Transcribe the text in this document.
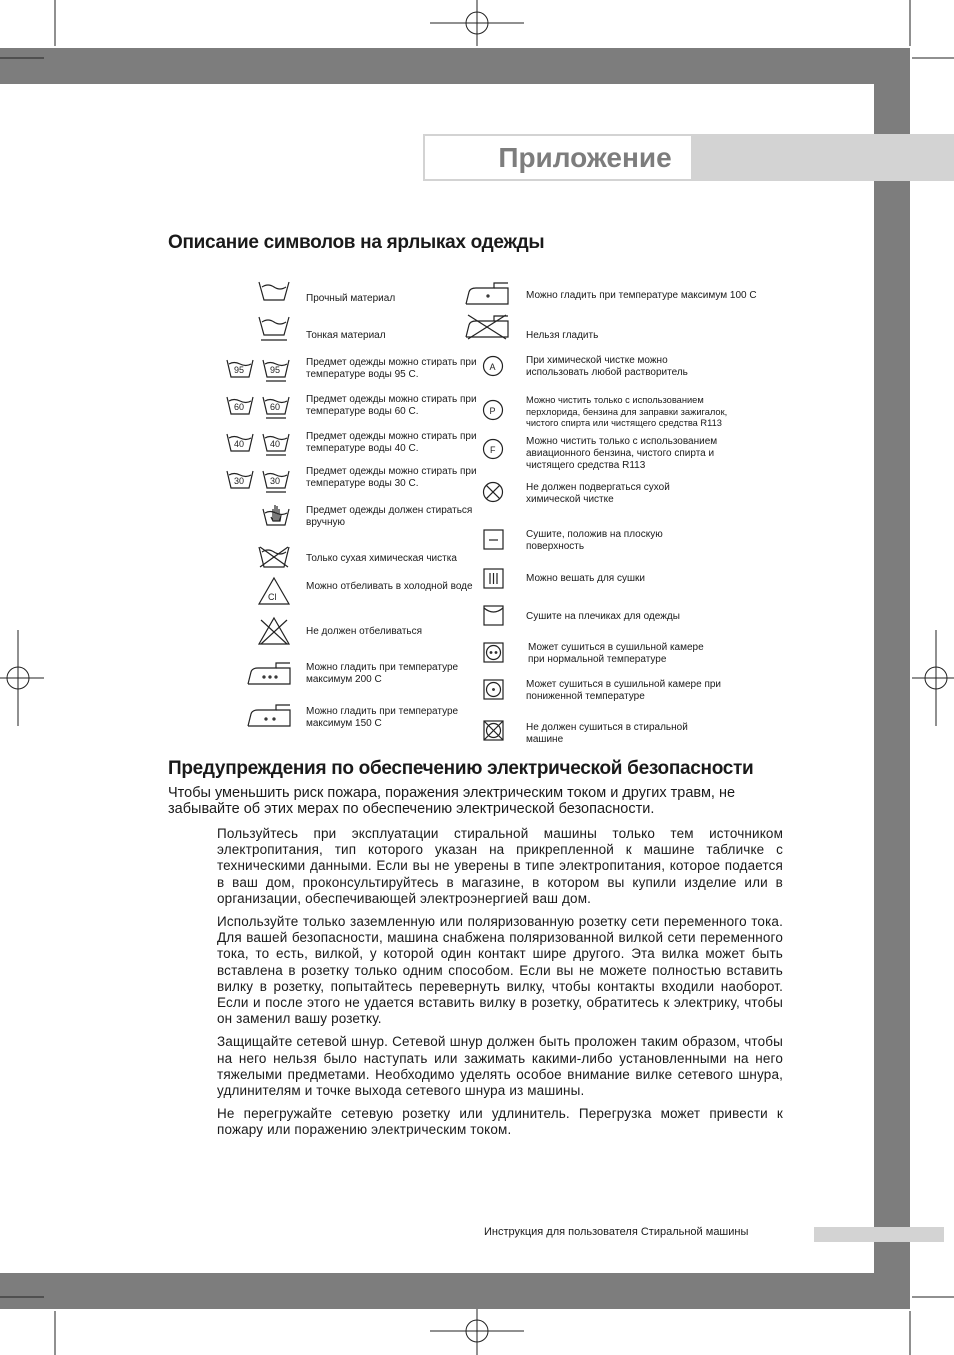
Приложение
Описание символов на ярлыках одежды
Прочный материал
Тонкая материал
95	95
Предмет одежды можно стирать при температуре воды 95 С.
60	60
Предмет одежды можно стирать при температуре воды 60 С.
40	40
Предмет одежды можно стирать при температуре воды 40 С.
30	30
Предмет одежды можно стирать при температуре воды 30 С.
Предмет одежды должен стираться вручную
Только сухая химическая чистка
Cl
Можно отбеливать в холодной воде
Не должен отбеливаться
Можно гладить при температуре максимум 200 С
Можно гладить при температуре максимум 150 С
Можно гладить при температуре максимум 100 С
Нельзя гладить
A
При химической чистке можно использовать любой растворитель
P
Можно чистить только с использованием перхлорида, бензина для заправки зажигалок, чистого спирта или чистящего средства R113
F
Можно чистить только с использованием авиационного бензина, чистого спирта и чистящего средства R113
Не должен подвергаться сухой химической чистке
Сушите, положив на плоскую поверхность
Можно вешать для сушки
Сушите на плечиках для одежды
Может сушиться в сушильной камере при нормальной температуре
Может сушиться в сушильной камере при пониженной температуре
Не должен сушиться в стиральной машине
Предупреждения по обеспечению электрической безопасности
Чтобы уменьшить риск пожара, поражения электрическим током и других травм, не забывайте об этих мерах по обеспечению электрической безопасности.

Пользуйтесь при эксплуатации стиральной машины только тем источником электропитания, тип которого указан на прикрепленной к машине табличке с техническими данными. Если вы не уверены в типе электропитания, которое подается в ваш дом, проконсультируйтесь в магазине, в котором вы купили изделие или в организации, обеспечивающей электроэнергией ваш дом.

Используйте только заземленную или поляризованную розетку сети переменного тока. Для вашей безопасности, машина снабжена поляризованной вилкой сети переменного тока, то есть, вилкой, у которой один контакт шире другого. Эта вилка может быть вставлена в розетку только одним способом. Если вы не можете полностью вставить вилку в розетку, попытайтесь перевернуть вилку, чтобы контакты входили наоборот. Если и после этого не удается вставить вилку в розетку, обратитесь к электрику, чтобы он заменил вашу розетку.

Защищайте сетевой шнур. Сетевой шнур должен быть проложен таким образом, чтобы на него нельзя было наступать или зажимать какими-либо установленными на него тяжелыми предметами. Необходимо уделять особое внимание вилке сетевого шнура, удлинителям и точке выхода сетевого шнура из машины.

Не перегружайте сетевую розетку или удлинитель. Перегрузка может привести к пожару или поражению электрическим током.

Инструкция для пользователя Стиральной машины
